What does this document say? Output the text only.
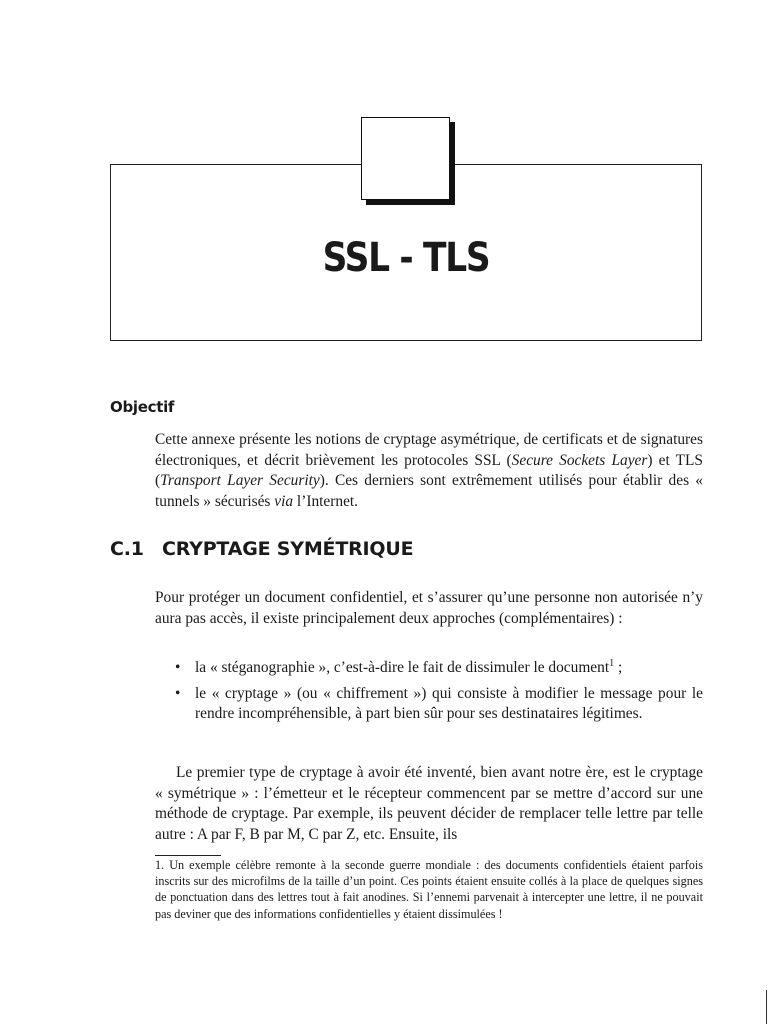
SSL - TLS
Objectif

Cette annexe présente les notions de cryptage asymétrique, de certificats et de signatures électroniques, et décrit brièvement les protocoles SSL (Secure Sockets Layer) et TLS (Transport Layer Security). Ces derniers sont extrêmement utilisés pour établir des « tunnels » sécurisés via l’Internet.

C.1 CRYPTAGE SYMÉTRIQUE

Pour protéger un document confidentiel, et s’assurer qu’une personne non autorisée n’y aura pas accès, il existe principalement deux approches (complémentaires) :

• la « stéganographie », c’est-à-dire le fait de dissimuler le document$^1$ ;
• le « cryptage » (ou « chiffrement ») qui consiste à modifier le message pour le rendre incompréhensible, à part bien sûr pour ses destinataires légitimes.

Le premier type de cryptage à avoir été inventé, bien avant notre ère, est le cryptage « symétrique » : l’émetteur et le récepteur commencent par se mettre d’accord sur une méthode de cryptage. Par exemple, ils peuvent décider de remplacer telle lettre par telle autre : A par F, B par M, C par Z, etc. Ensuite, ils

1. Un exemple célèbre remonte à la seconde guerre mondiale : des documents confidentiels étaient parfois inscrits sur des microfilms de la taille d’un point. Ces points étaient ensuite collés à la place de quelques signes de ponctuation dans des lettres tout à fait anodines. Si l’ennemi parvenait à intercepter une lettre, il ne pouvait pas deviner que des informations confidentielles y étaient dissimulées !
